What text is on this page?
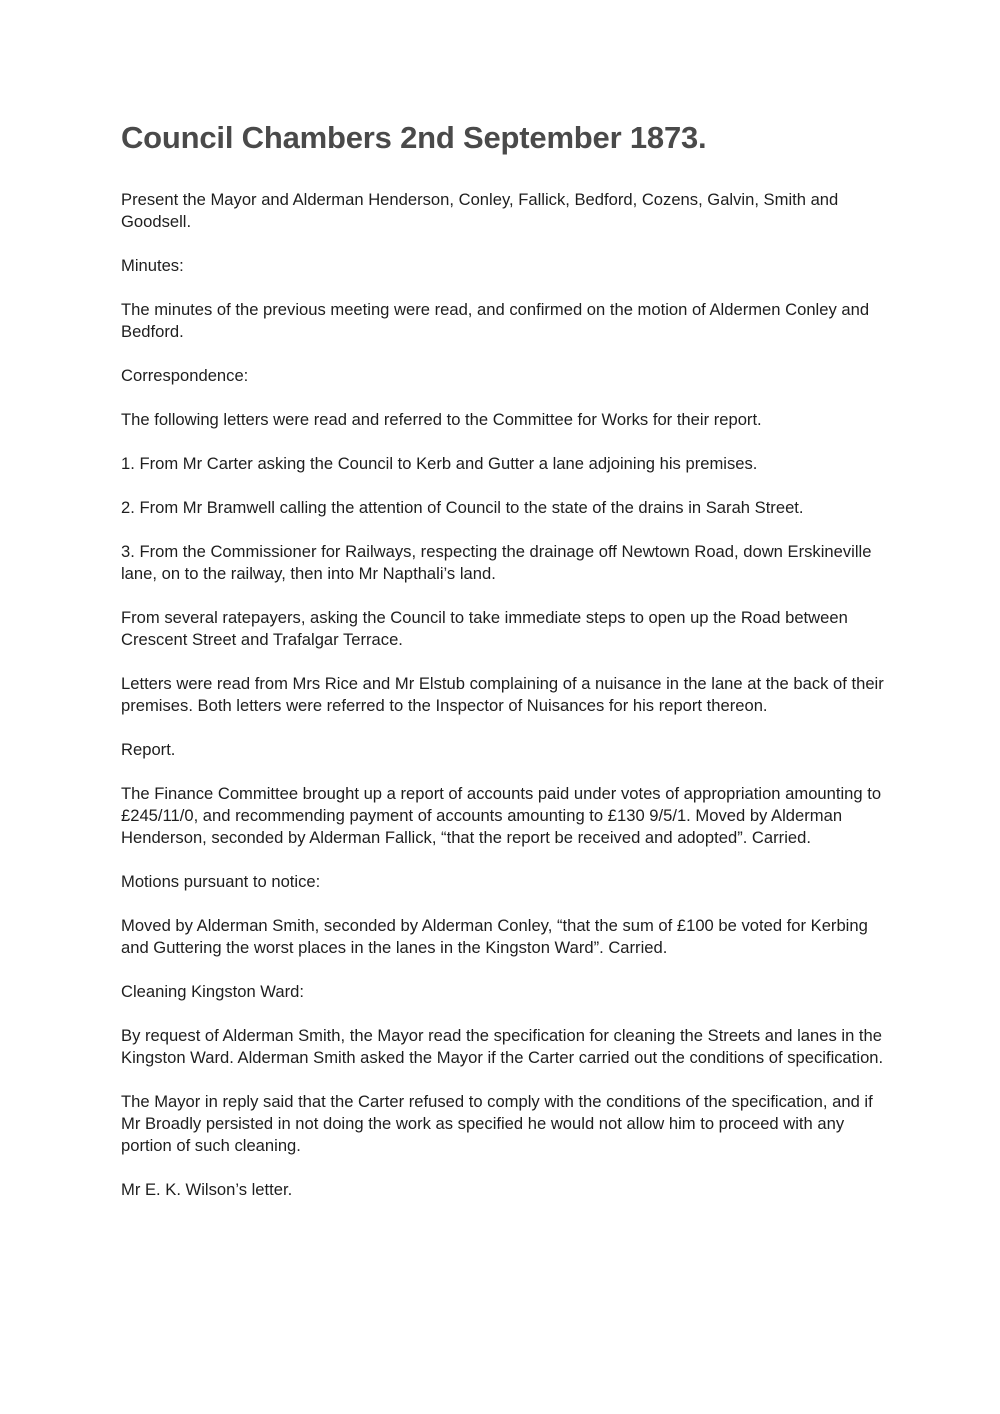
Council Chambers 2nd September 1873.

Present the Mayor and Alderman Henderson, Conley, Fallick, Bedford, Cozens, Galvin, Smith and Goodsell.

Minutes:

The minutes of the previous meeting were read, and confirmed on the motion of Aldermen Conley and Bedford.

Correspondence:

The following letters were read and referred to the Committee for Works for their report.

1. From Mr Carter asking the Council to Kerb and Gutter a lane adjoining his premises.

2. From Mr Bramwell calling the attention of Council to the state of the drains in Sarah Street.

3. From the Commissioner for Railways, respecting the drainage off Newtown Road, down Erskineville lane, on to the railway, then into Mr Napthali’s land.

From several ratepayers, asking the Council to take immediate steps to open up the Road between Crescent Street and Trafalgar Terrace.

Letters were read from Mrs Rice and Mr Elstub complaining of a nuisance in the lane at the back of their premises. Both letters were referred to the Inspector of Nuisances for his report thereon.

Report.

The Finance Committee brought up a report of accounts paid under votes of appropriation amounting to £245/11/0, and recommending payment of accounts amounting to £130 9/5/1. Moved by Alderman Henderson, seconded by Alderman Fallick, “that the report be received and adopted”. Carried.

Motions pursuant to notice:

Moved by Alderman Smith, seconded by Alderman Conley, “that the sum of £100 be voted for Kerbing and Guttering the worst places in the lanes in the Kingston Ward”. Carried.

Cleaning Kingston Ward:

By request of Alderman Smith, the Mayor read the specification for cleaning the Streets and lanes in the Kingston Ward. Alderman Smith asked the Mayor if the Carter carried out the conditions of specification.

The Mayor in reply said that the Carter refused to comply with the conditions of the specification, and if Mr Broadly persisted in not doing the work as specified he would not allow him to proceed with any portion of such cleaning.

Mr E. K. Wilson’s letter.
